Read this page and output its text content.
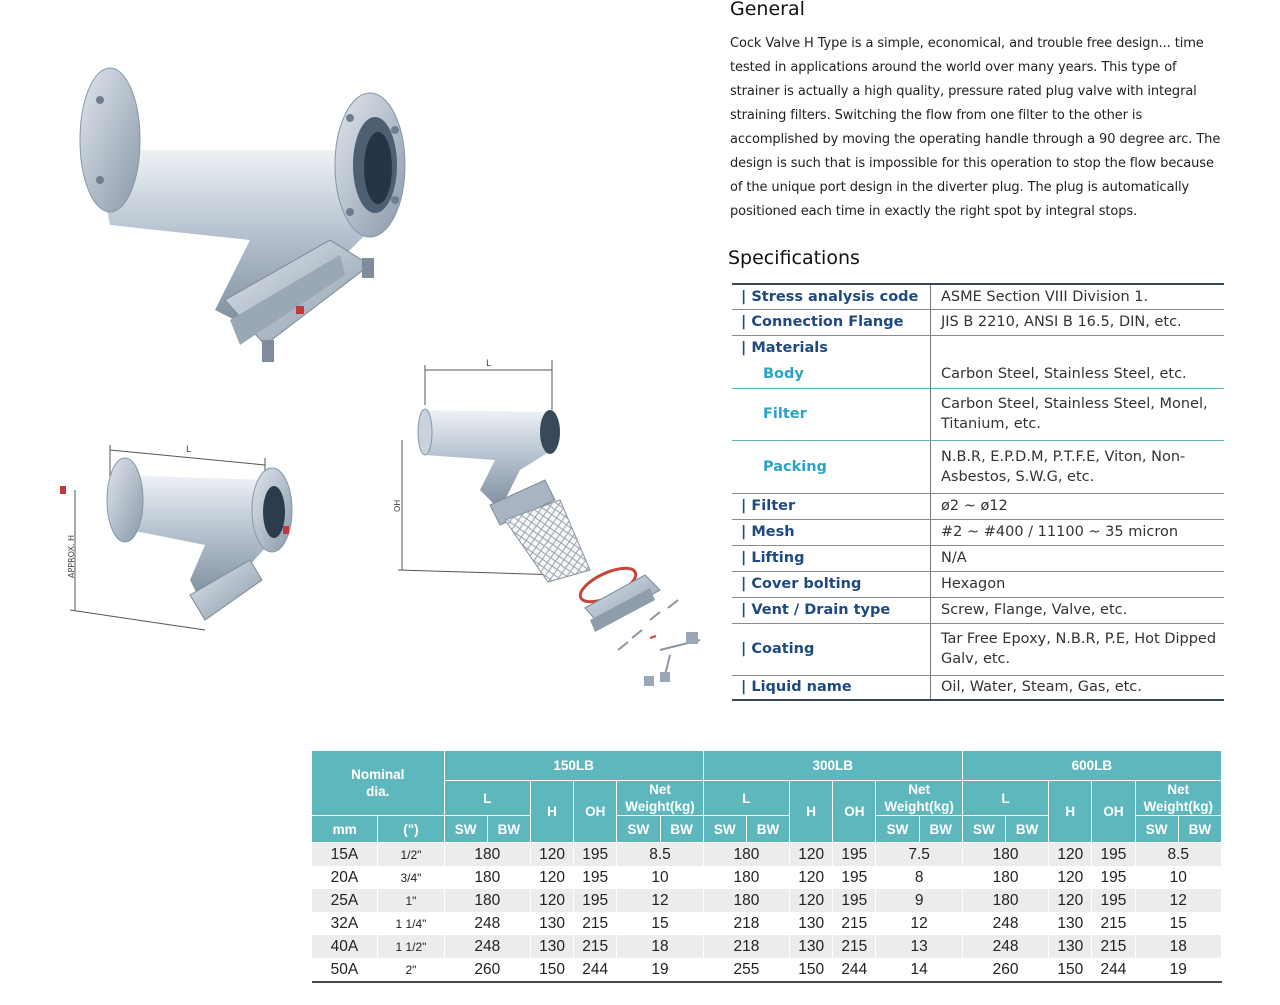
L
L
APPROX. H
OH
General
Cock Valve H Type is a simple, economical, and trouble free design... time tested in applications around the world over many years. This type of strainer is actually a high quality, pressure rated plug valve with integral straining filters. Switching the flow from one filter to the other is accomplished by moving the operating handle through a 90 degree arc. The design is such that is impossible for this operation to stop the flow because of the unique port design in the diverter plug. The plug is automatically positioned each time in exactly the right spot by integral stops.
Specifications
| Stress analysis code	ASME Section VIII Division 1.
| Connection Flange	JIS B 2210, ANSI B 16.5, DIN, etc.
| Materials	
Body	Carbon Steel, Stainless Steel, etc.
Filter	Carbon Steel, Stainless Steel, Monel, Titanium, etc.
Packing	N.B.R, E.P.D.M, P.T.F.E, Viton, Non-Asbestos, S.W.G, etc.
| Filter	ø2 ~ ø12
| Mesh	#2 ~ #400 / 11100 ~ 35 micron
| Lifting	N/A
| Cover bolting	Hexagon
| Vent / Drain type	Screw, Flange, Valve, etc.
| Coating	Tar Free Epoxy, N.B.R, P.E, Hot Dipped Galv, etc.
| Liquid name	Oil, Water, Steam, Gas, etc.
Nominal dia.		150LB						300LB						600LB					
		L		H	OH	Net Weight(kg)		L		H	OH	Net Weight(kg)		L		H	OH	Net Weight(kg)	
mm	(")	SW	BW			SW	BW	SW	BW			SW	BW	SW	BW			SW	BW
15A	1/2"	180		120	195	8.5		180		120	195	7.5		180		120	195	8.5	
20A	3/4"	180		120	195	10		180		120	195	8		180		120	195	10	
25A	1"	180		120	195	12		180		120	195	9		180		120	195	12	
32A	1 1/4"	248		130	215	15		218		130	215	12		248		130	215	15	
40A	1 1/2"	248		130	215	18		218		130	215	13		248		130	215	18	
50A	2"	260		150	244	19		255		150	244	14		260		150	244	19	
